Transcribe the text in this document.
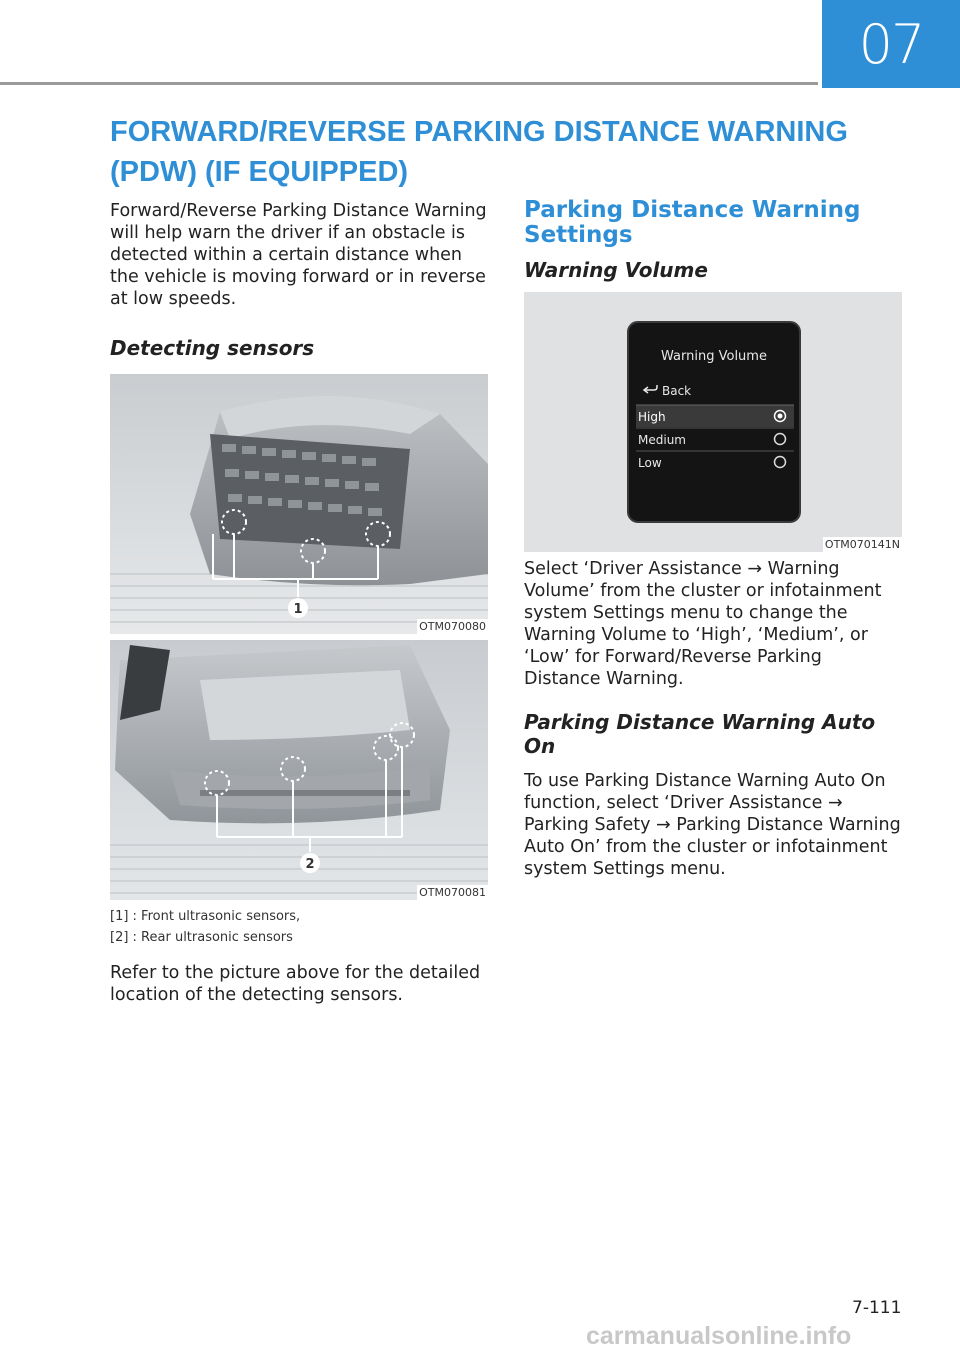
07
FORWARD/REVERSE PARKING DISTANCE WARNING (PDW) (IF EQUIPPED)

Forward/Reverse Parking Distance Warning will help warn the driver if an obstacle is detected within a certain distance when the vehicle is moving forward or in reverse at low speeds.

Detecting sensors

1
OTM070080
2
OTM070081

[1] : Front ultrasonic sensors,

[2] : Rear ultrasonic sensors

Refer to the picture above for the detailed location of the detecting sensors.

Parking Distance Warning Settings

Warning Volume

Warning Volume
Back
High
Medium
Low
OTM070141N

Select ‘Driver Assistance → Warning Volume’ from the cluster or infotainment system Settings menu to change the Warning Volume to ‘High’, ‘Medium’, or ‘Low’ for Forward/Reverse Parking Distance Warning.

Parking Distance Warning Auto On

To use Parking Distance Warning Auto On function, select ‘Driver Assistance → Parking Safety → Parking Distance Warning Auto On’ from the cluster or infotainment system Settings menu.

7-111
carmanualsonline.info
